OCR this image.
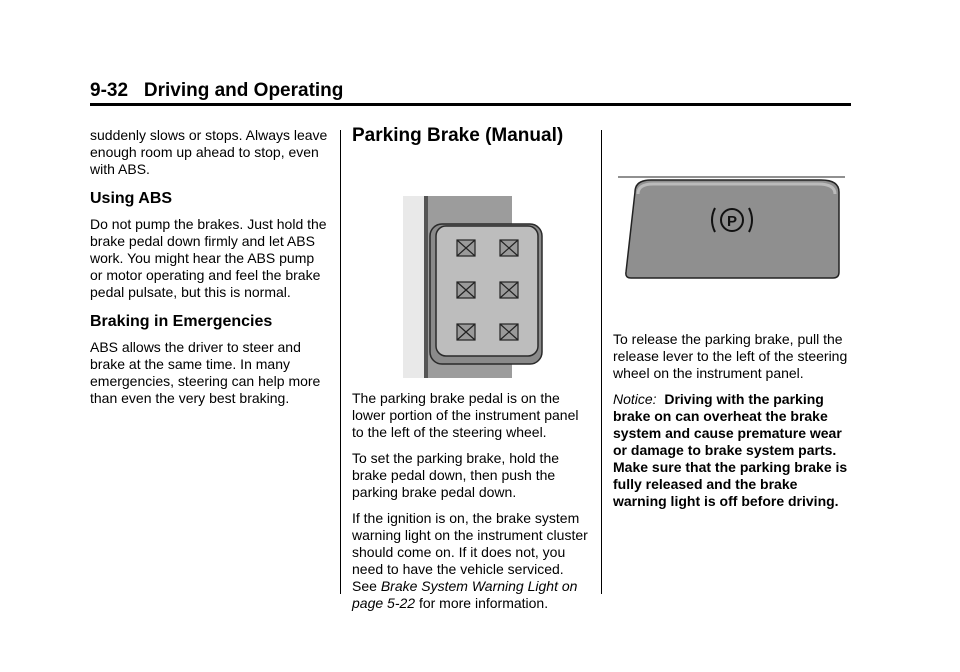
9-32 Driving and Operating

suddenly slows or stops. Always leave enough room up ahead to stop, even with ABS.

Using ABS

Do not pump the brakes. Just hold the brake pedal down firmly and let ABS work. You might hear the ABS pump or motor operating and feel the brake pedal pulsate, but this is normal.

Braking in Emergencies

ABS allows the driver to steer and brake at the same time. In many emergencies, steering can help more than even the very best braking.

Parking Brake (Manual)

The parking brake pedal is on the lower portion of the instrument panel to the left of the steering wheel.

To set the parking brake, hold the brake pedal down, then push the parking brake pedal down.

If the ignition is on, the brake system warning light on the instrument cluster should come on. If it does not, you need to have the vehicle serviced. See Brake System Warning Light on page 5-22 for more information.

P

To release the parking brake, pull the release lever to the left of the steering wheel on the instrument panel.

Notice: Driving with the parking brake on can overheat the brake system and cause premature wear or damage to brake system parts. Make sure that the parking brake is fully released and the brake warning light is off before driving.
